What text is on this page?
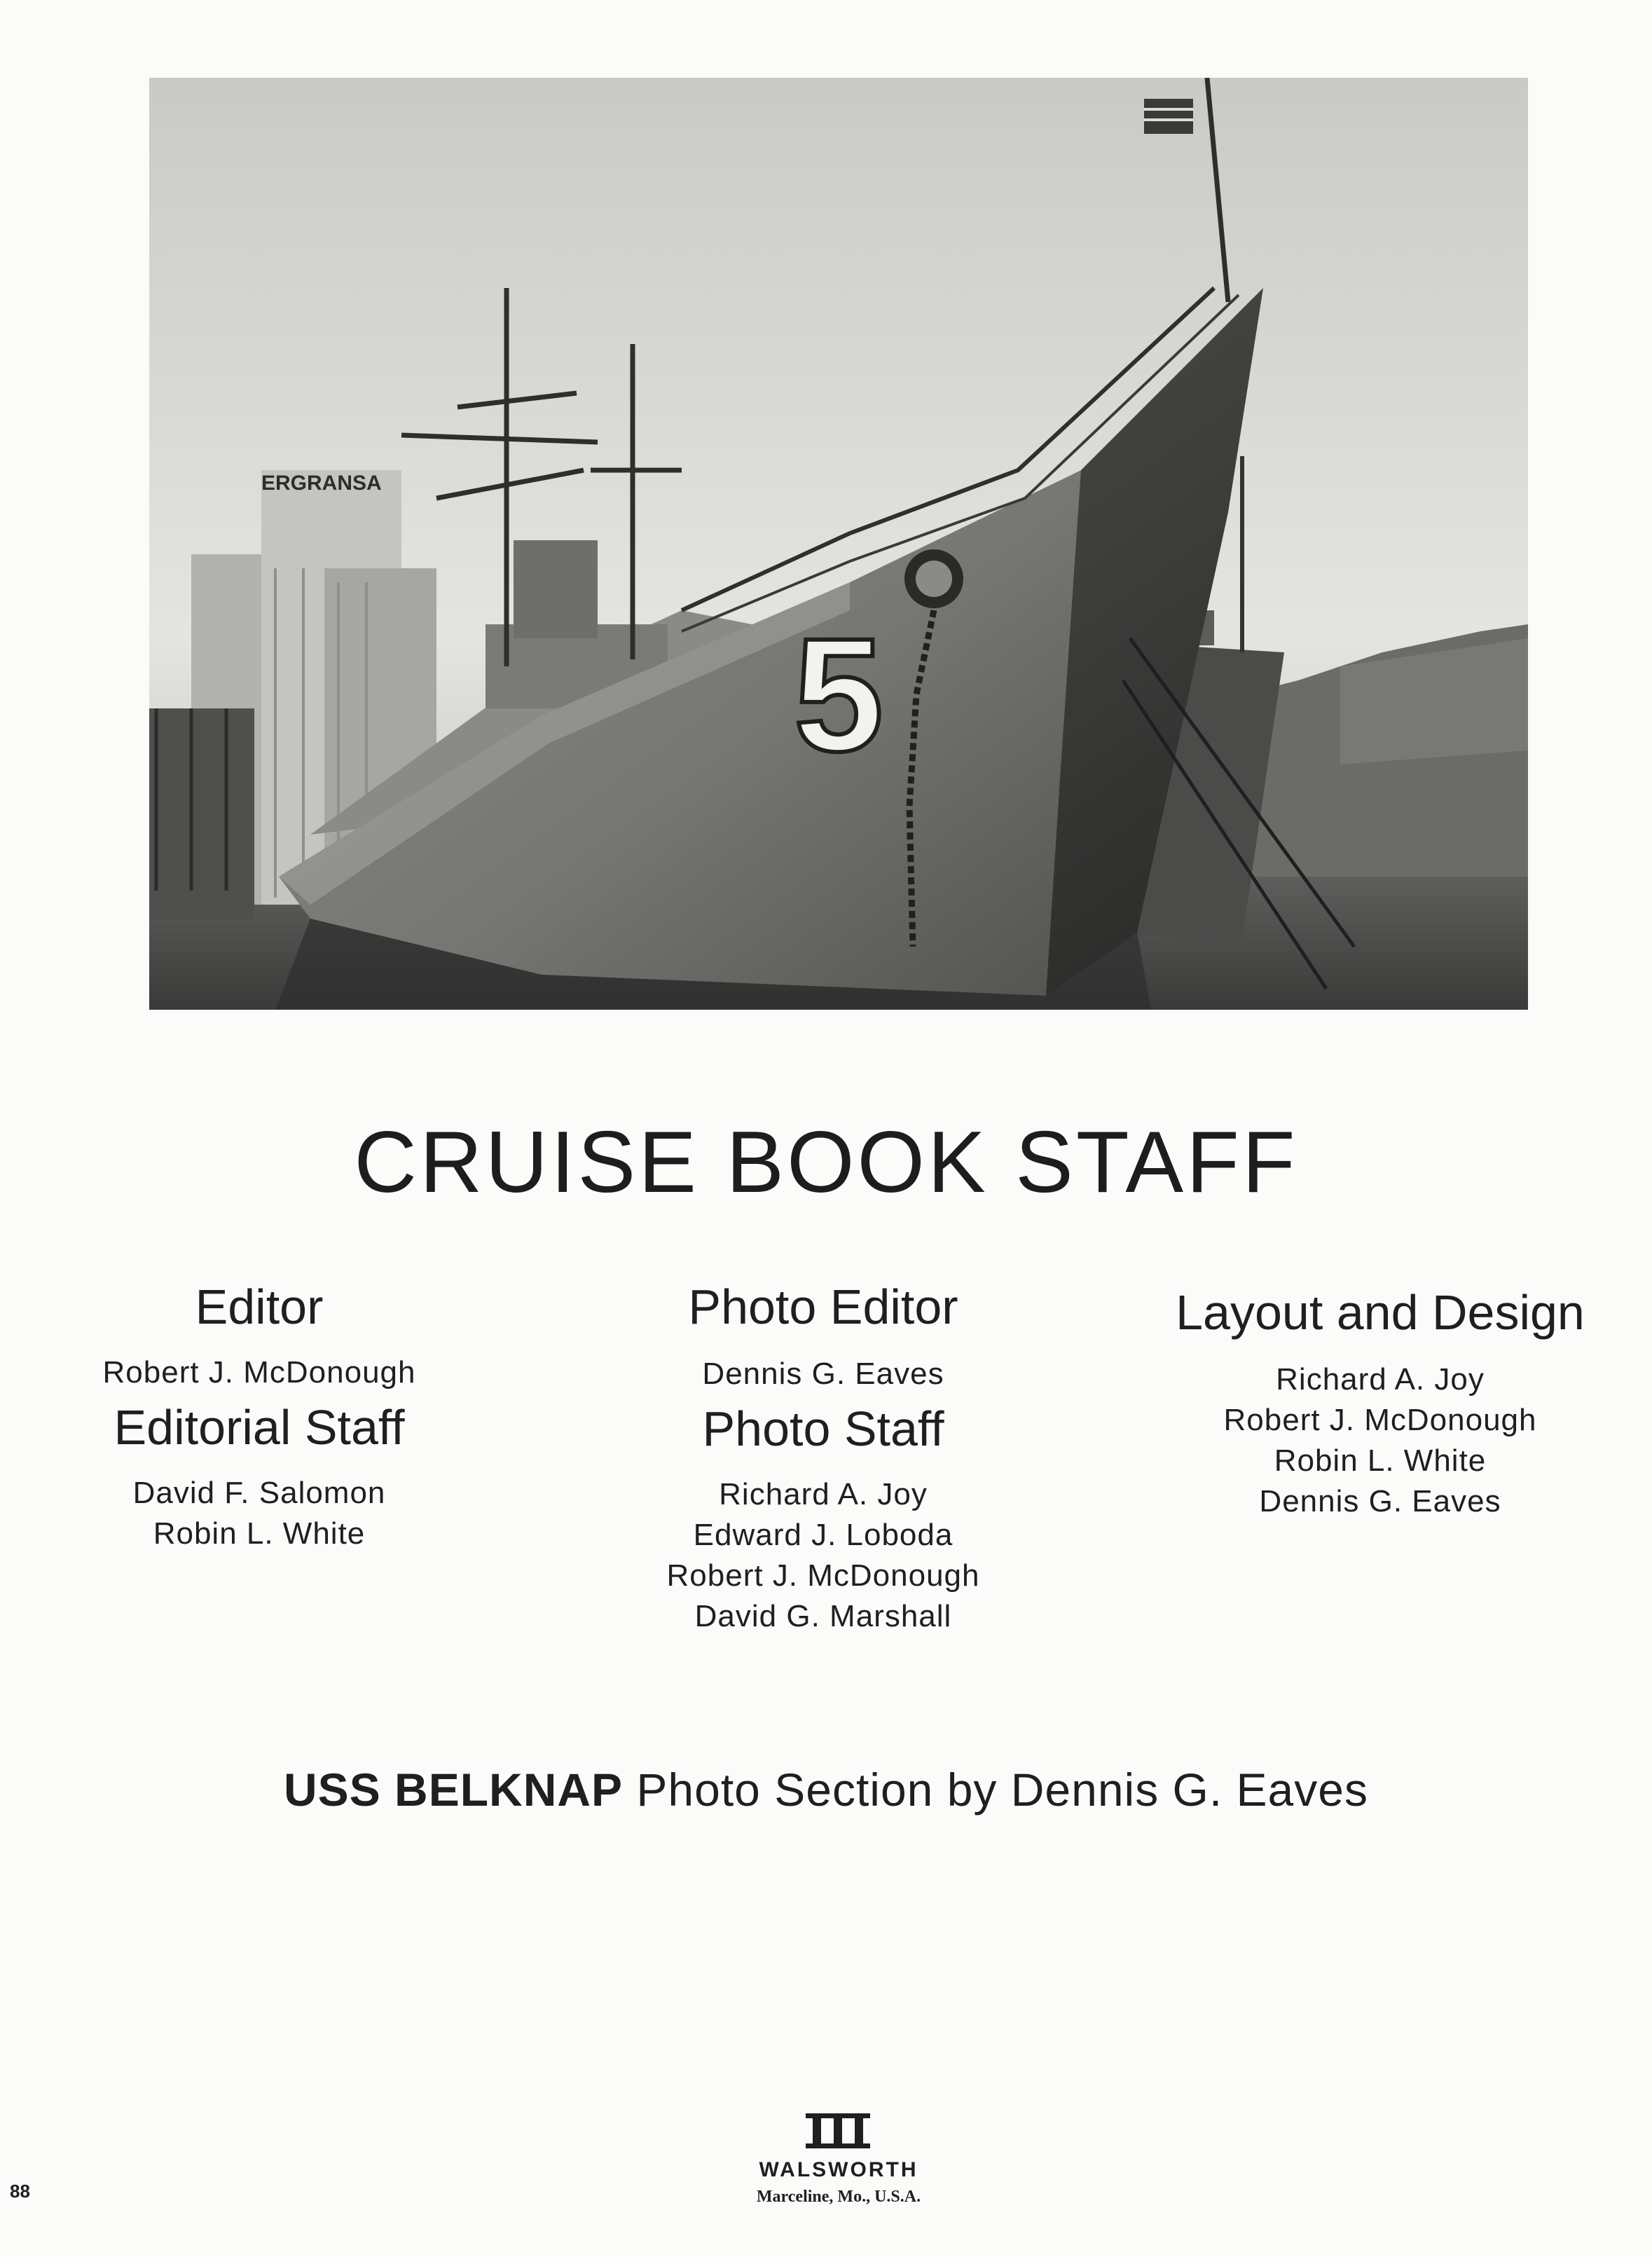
ERGRANSA
5
CRUISE BOOK STAFF
Editor
Robert J. McDonough
Editorial Staff
David F. Salomon
Robin L. White
Photo Editor
Dennis G. Eaves
Photo Staff
Richard A. Joy
Edward J. Loboda
Robert J. McDonough
David G. Marshall
Layout and Design
Richard A. Joy
Robert J. McDonough
Robin L. White
Dennis G. Eaves
USS BELKNAP Photo Section by Dennis G. Eaves
WALSWORTH
Marceline, Mo., U.S.A.
88
